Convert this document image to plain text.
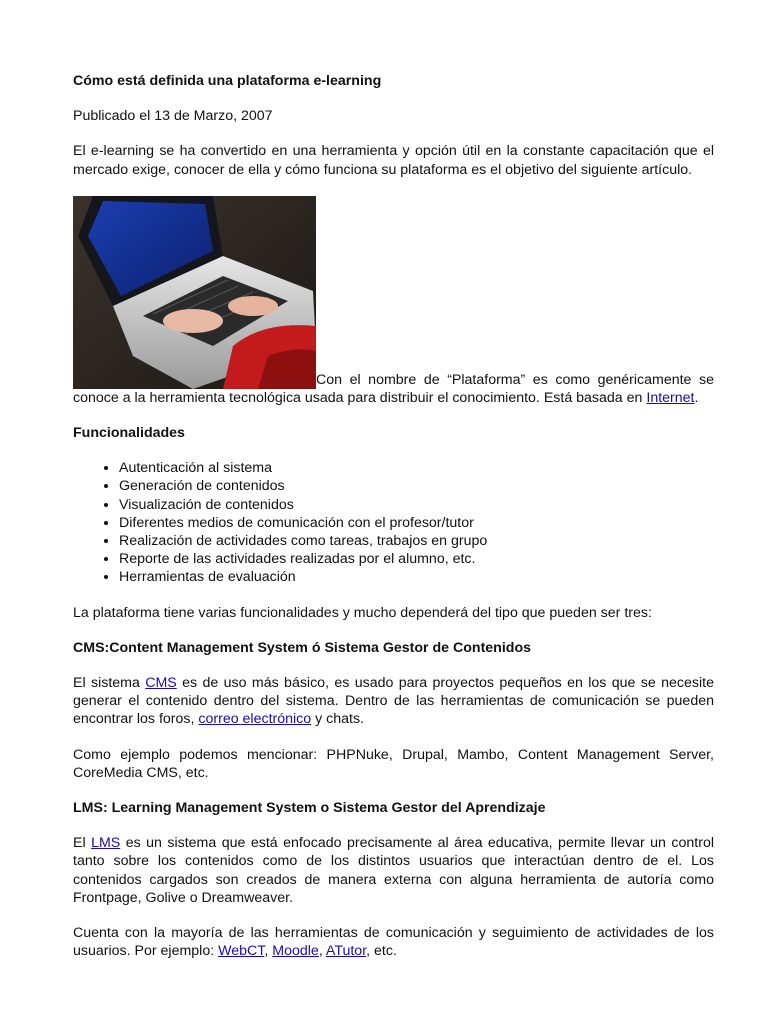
Cómo está definida una plataforma e-learning

Publicado el 13 de Marzo, 2007

El e-learning se ha convertido en una herramienta y opción útil en la constante capacitación que el mercado exige, conocer de ella y cómo funciona su plataforma es el objetivo del siguiente artículo.

Con el nombre de “Plataforma” es como genéricamente se conoce a la herramienta tecnológica usada para distribuir el conocimiento. Está basada en Internet.
Funcionalidades
• Autenticación al sistema
• Generación de contenidos
• Visualización de contenidos
• Diferentes medios de comunicación con el profesor/tutor
• Realización de actividades como tareas, trabajos en grupo
• Reporte de las actividades realizadas por el alumno, etc.
• Herramientas de evaluación

La plataforma tiene varias funcionalidades y mucho dependerá del tipo que pueden ser tres:

CMS:Content Management System ó Sistema Gestor de Contenidos

El sistema CMS es de uso más básico, es usado para proyectos pequeños en los que se necesite generar el contenido dentro del sistema. Dentro de las herramientas de comunicación se pueden encontrar los foros, correo electrónico y chats.

Como ejemplo podemos mencionar: PHPNuke, Drupal, Mambo, Content Management Server, CoreMedia CMS, etc.

LMS: Learning Management System o Sistema Gestor del Aprendizaje

El LMS es un sistema que está enfocado precisamente al área educativa, permite llevar un control tanto sobre los contenidos como de los distintos usuarios que interactúan dentro de el. Los contenidos cargados son creados de manera externa con alguna herramienta de autoría como Frontpage, Golive o Dreamweaver.

Cuenta con la mayoría de las herramientas de comunicación y seguimiento de actividades de los usuarios. Por ejemplo: WebCT, Moodle, ATutor, etc.
